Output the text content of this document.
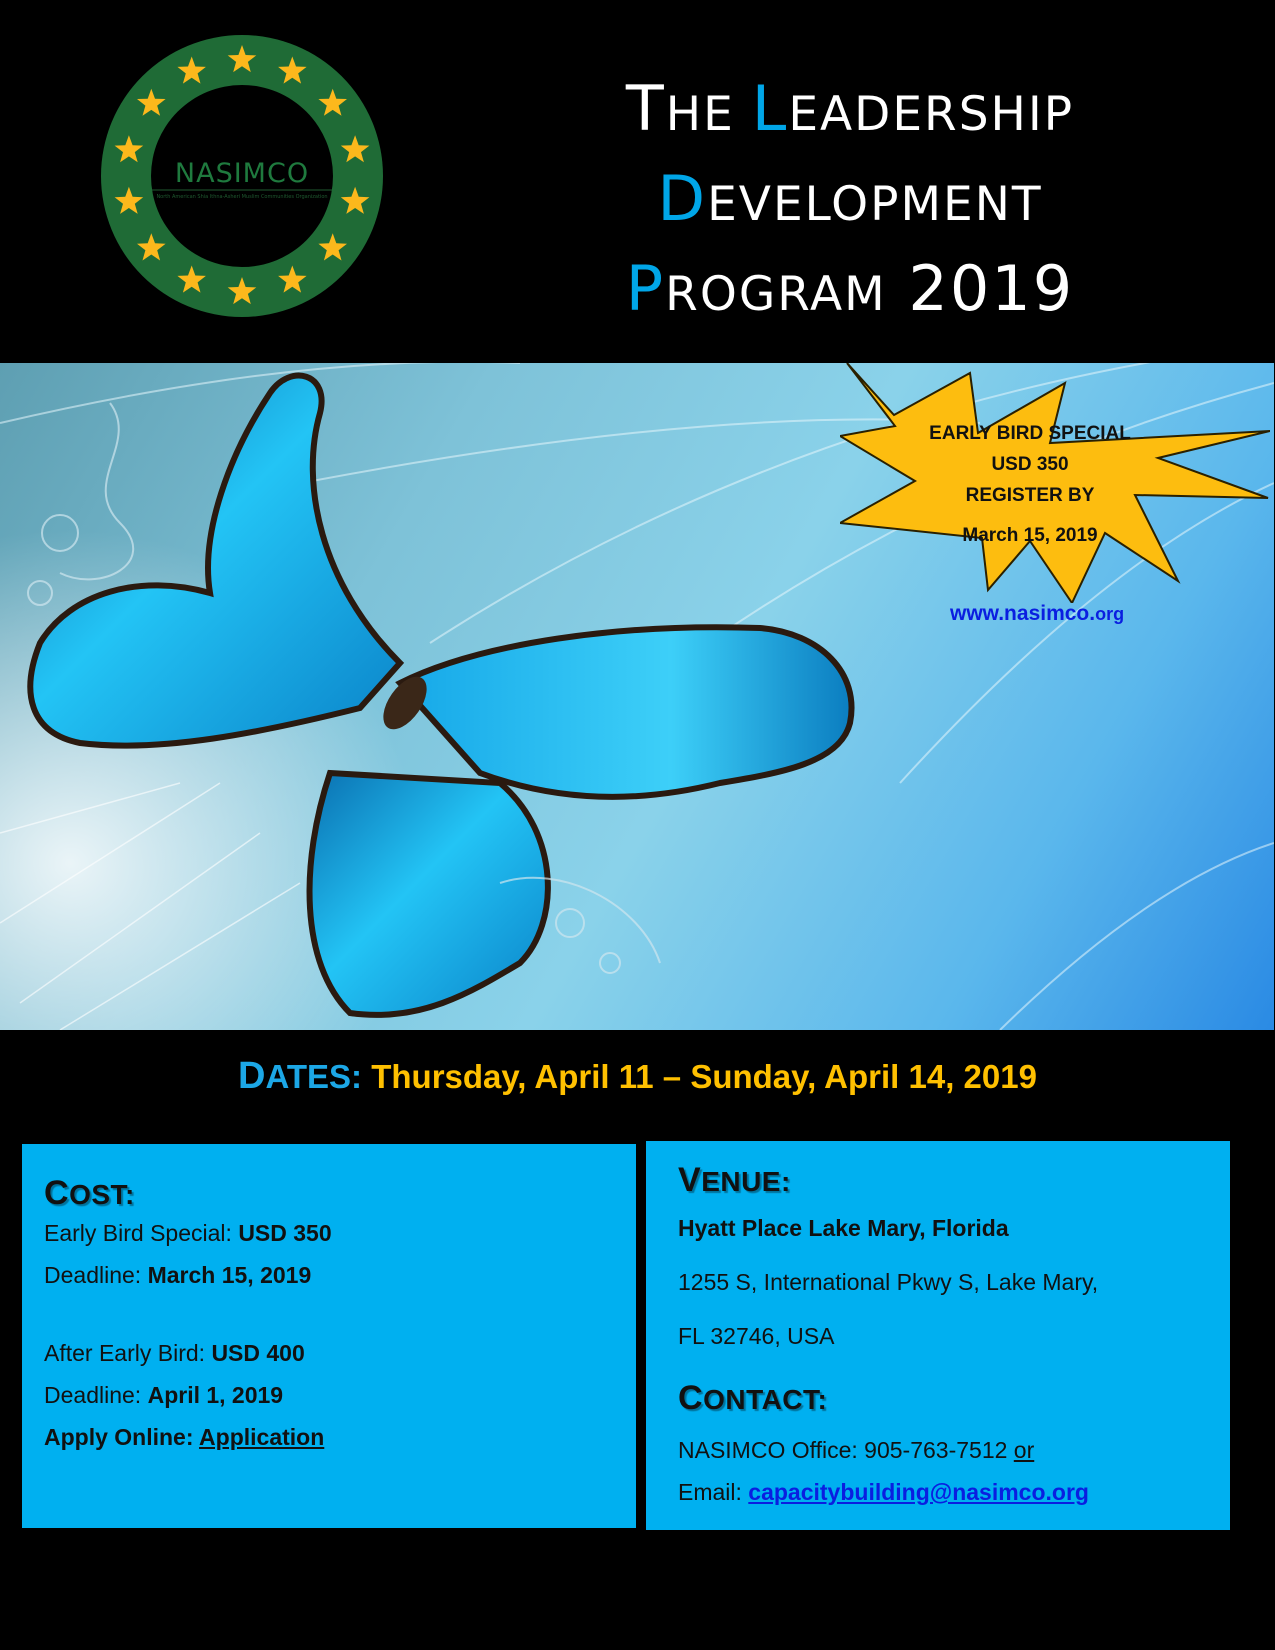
NASIMCO
North American Shia Ithna-Asheri Muslim Communities Organization
THE LEADERSHIP
DEVELOPMENT
PROGRAM 2019
EARLY BIRD SPECIAL
USD 350
REGISTER BY
March 15, 2019
www.nasimco.org
DATES: Thursday, April 11 – Sunday, April 14, 2019
COST:
Early Bird Special: USD 350
Deadline: March 15, 2019
After Early Bird: USD 400
Deadline: April 1, 2019
Apply Online: Application
VENUE:
Hyatt Place Lake Mary, Florida
1255 S, International Pkwy S, Lake Mary,
FL 32746, USA
CONTACT:
NASIMCO Office: 905-763-7512 or
Email: capacitybuilding@nasimco.org
